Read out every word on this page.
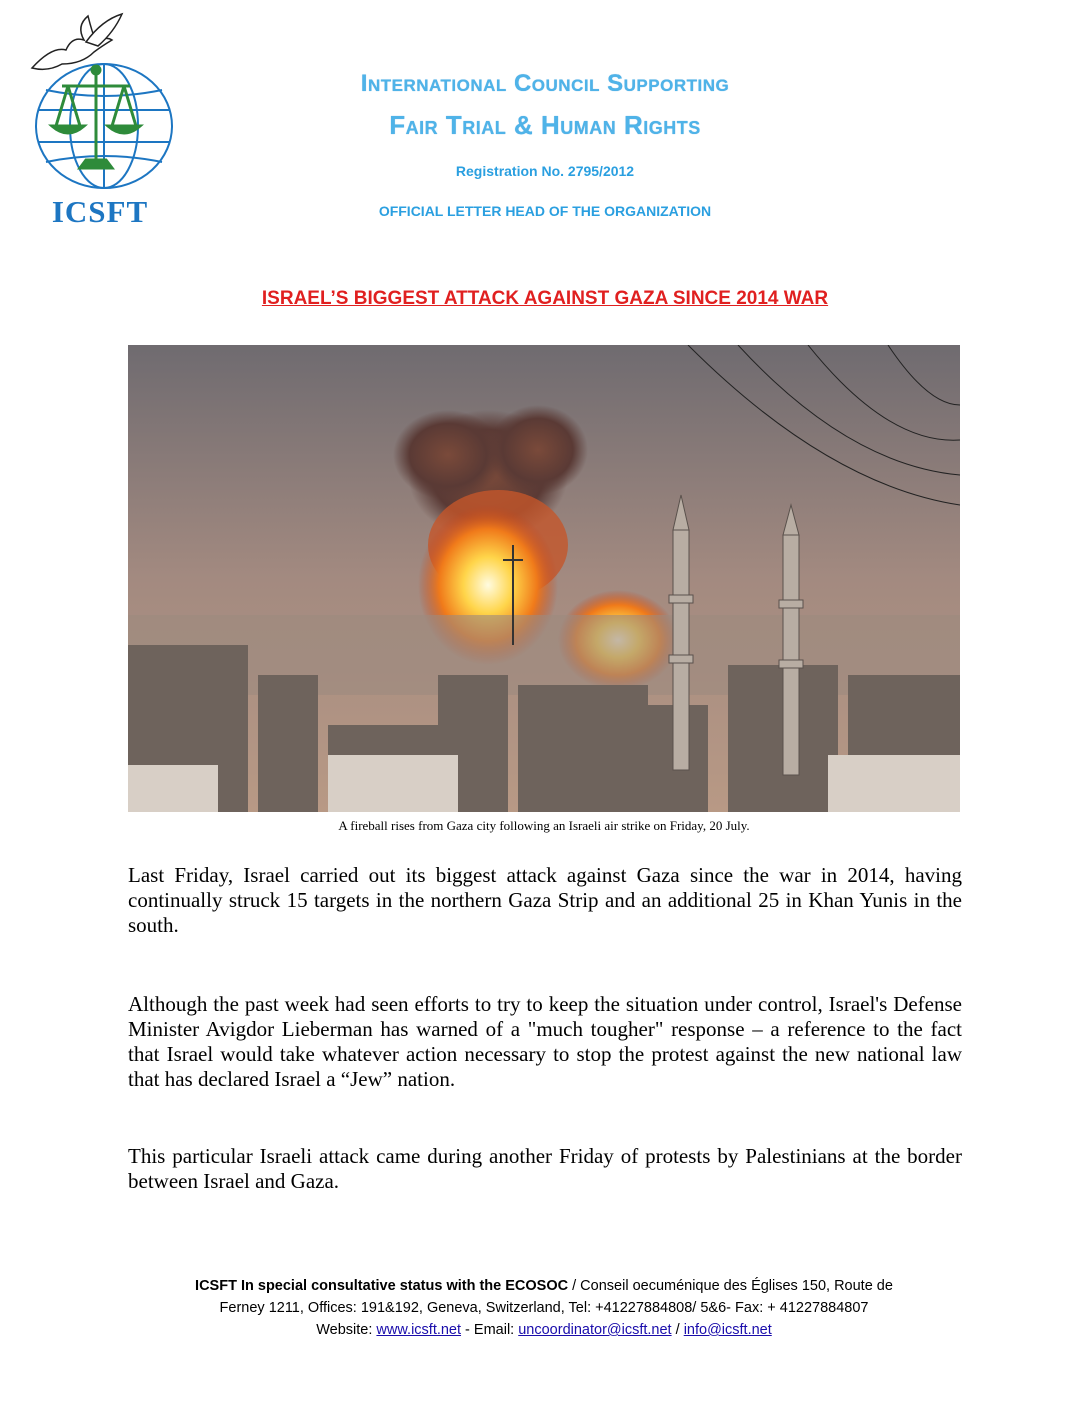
ICSFT
International Council Supporting
Fair Trial & Human Rights
Registration No. 2795/2012
OFFICIAL LETTER HEAD OF THE ORGANIZATION
ISRAEL’S BIGGEST ATTACK AGAINST GAZA SINCE 2014 WAR
A fireball rises from Gaza city following an Israeli air strike on Friday, 20 July.
Last Friday, Israel carried out its biggest attack against Gaza since the war in 2014, having continually struck 15 targets in the northern Gaza Strip and an additional 25 in Khan Yunis in the south.
Although the past week had seen efforts to try to keep the situation under control, Israel's Defense Minister Avigdor Lieberman has warned of a "much tougher" response – a reference to the fact that Israel would take whatever action necessary to stop the protest against the new national law that has declared Israel a “Jew” nation.
This particular Israeli attack came during another Friday of protests by Palestinians at the border between Israel and Gaza.
ICSFT In special consultative status with the ECOSOC / Conseil oecuménique des Églises 150, Route de
Ferney 1211, Offices: 191&192, Geneva, Switzerland, Tel: +41227884808/ 5&6- Fax: + 41227884807
Website: www.icsft.net - Email: uncoordinator@icsft.net / info@icsft.net
